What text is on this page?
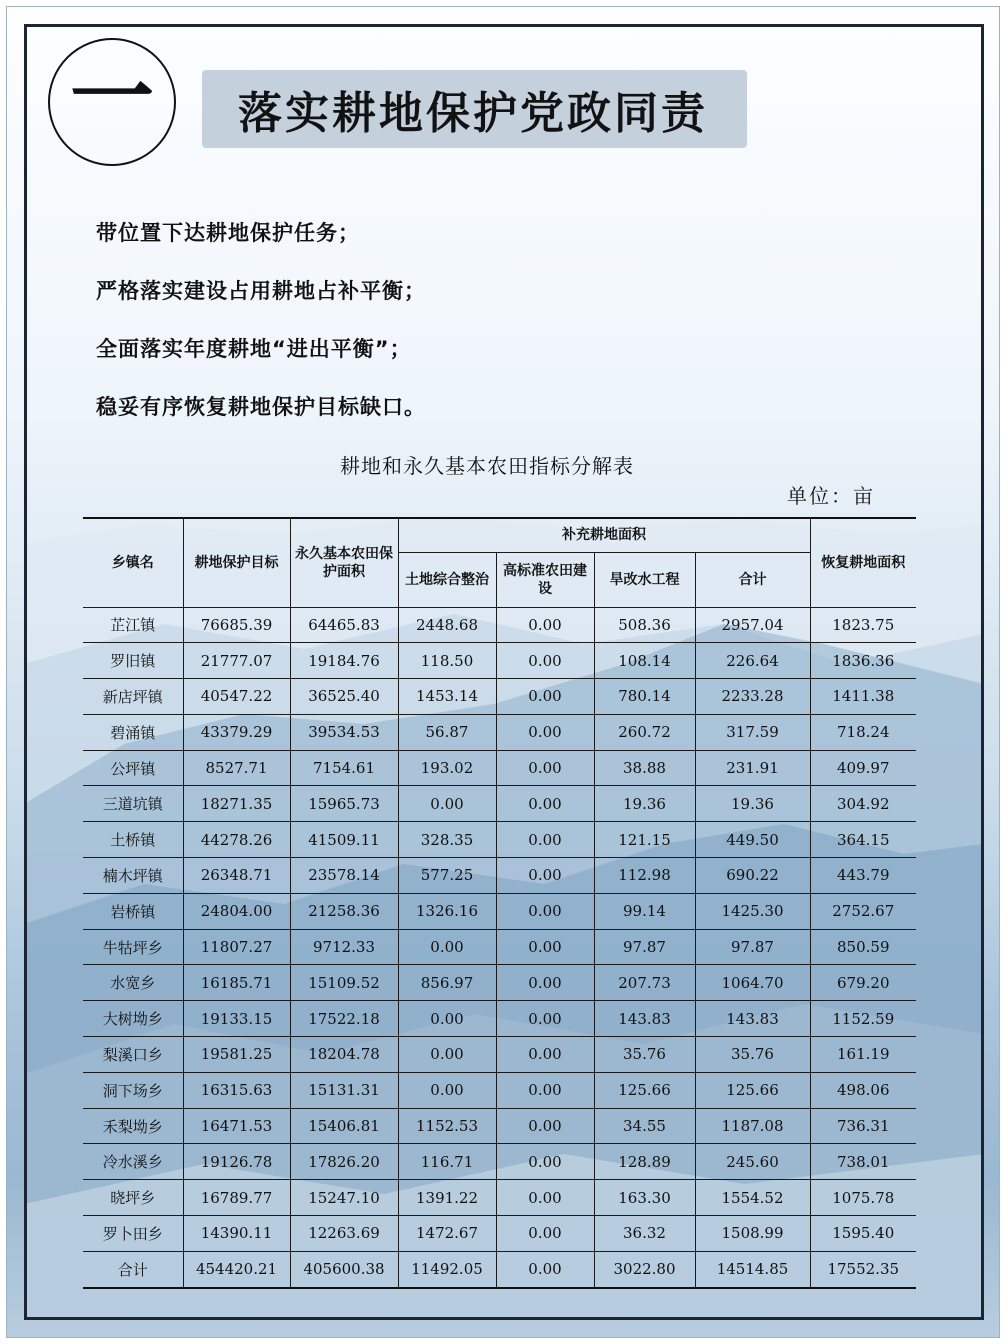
一 落实耕地保护党政同责
带位置下达耕地保护任务；
严格落实建设占用耕地占补平衡；
全面落实年度耕地“进出平衡”；
稳妥有序恢复耕地保护目标缺口。
耕地和永久基本农田指标分解表
单位：亩
乡镇名	耕地保护目标	永久基本农田保护面积	补充耕地面积				恢复耕地面积
			土地综合整治	高标准农田建设	旱改水工程	合计	
芷江镇	76685.39	64465.83	2448.68	0.00	508.36	2957.04	1823.75
罗旧镇	21777.07	19184.76	118.50	0.00	108.14	226.64	1836.36
新店坪镇	40547.22	36525.40	1453.14	0.00	780.14	2233.28	1411.38
碧涌镇	43379.29	39534.53	56.87	0.00	260.72	317.59	718.24
公坪镇	8527.71	7154.61	193.02	0.00	38.88	231.91	409.97
三道坑镇	18271.35	15965.73	0.00	0.00	19.36	19.36	304.92
土桥镇	44278.26	41509.11	328.35	0.00	121.15	449.50	364.15
楠木坪镇	26348.71	23578.14	577.25	0.00	112.98	690.22	443.79
岩桥镇	24804.00	21258.36	1326.16	0.00	99.14	1425.30	2752.67
牛牯坪乡	11807.27	9712.33	0.00	0.00	97.87	97.87	850.59
水宽乡	16185.71	15109.52	856.97	0.00	207.73	1064.70	679.20
大树坳乡	19133.15	17522.18	0.00	0.00	143.83	143.83	1152.59
梨溪口乡	19581.25	18204.78	0.00	0.00	35.76	35.76	161.19
洞下场乡	16315.63	15131.31	0.00	0.00	125.66	125.66	498.06
禾梨坳乡	16471.53	15406.81	1152.53	0.00	34.55	1187.08	736.31
冷水溪乡	19126.78	17826.20	116.71	0.00	128.89	245.60	738.01
晓坪乡	16789.77	15247.10	1391.22	0.00	163.30	1554.52	1075.78
罗卜田乡	14390.11	12263.69	1472.67	0.00	36.32	1508.99	1595.40
合计	454420.21	405600.38	11492.05	0.00	3022.80	14514.85	17552.35
